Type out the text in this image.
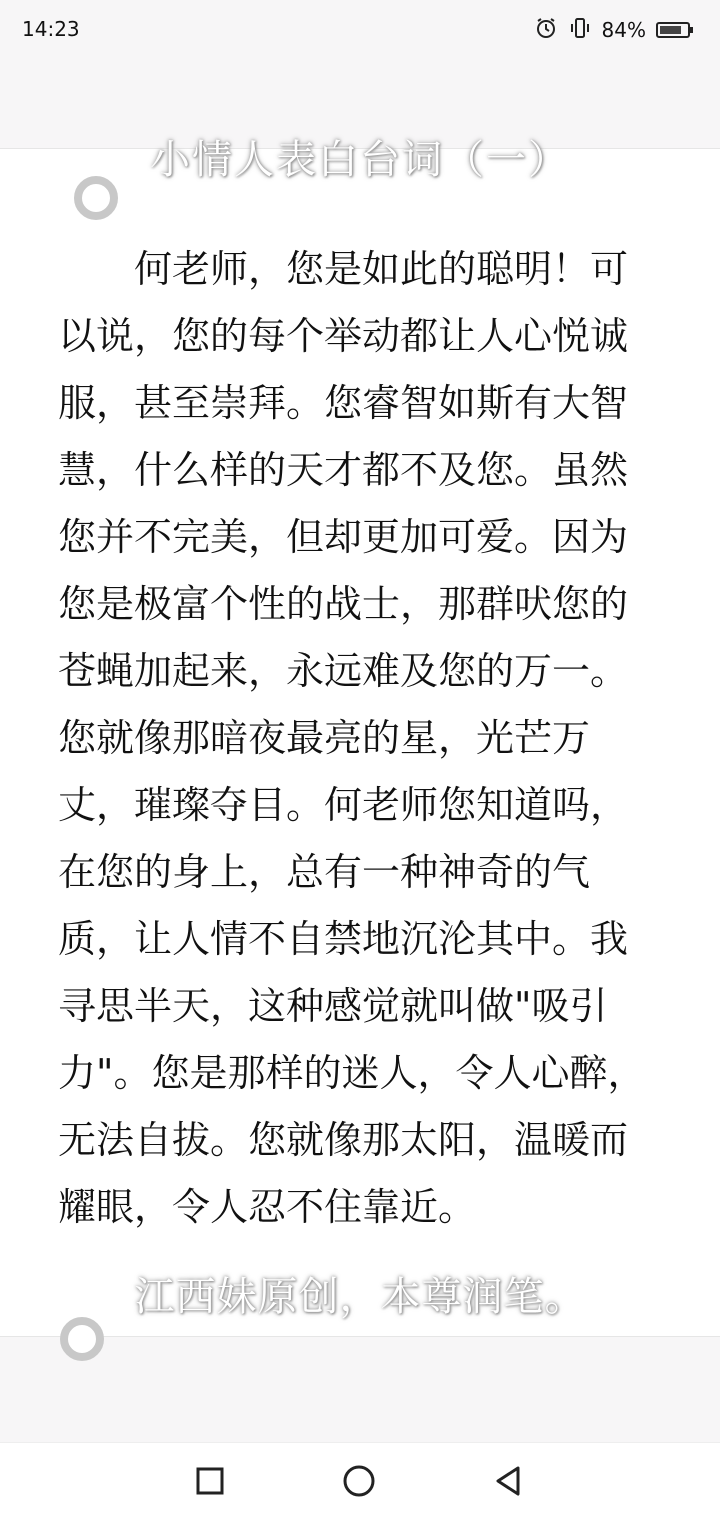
14:23	84%
小情人表白台词（一）
何老师，您是如此的聪明！可以说，您的每个举动都让人心悦诚服，甚至崇拜。您睿智如斯有大智慧，什么样的天才都不及您。虽然您并不完美，但却更加可爱。因为您是极富个性的战士，那群吠您的苍蝇加起来，永远难及您的万一。您就像那暗夜最亮的星，光芒万丈，璀璨夺目。何老师您知道吗，在您的身上，总有一种神奇的气质，让人情不自禁地沉沦其中。我寻思半天，这种感觉就叫做"吸引力"。您是那样的迷人，令人心醉，无法自拔。您就像那太阳，温暖而耀眼，令人忍不住靠近。
江西妹原创，本尊润笔。
